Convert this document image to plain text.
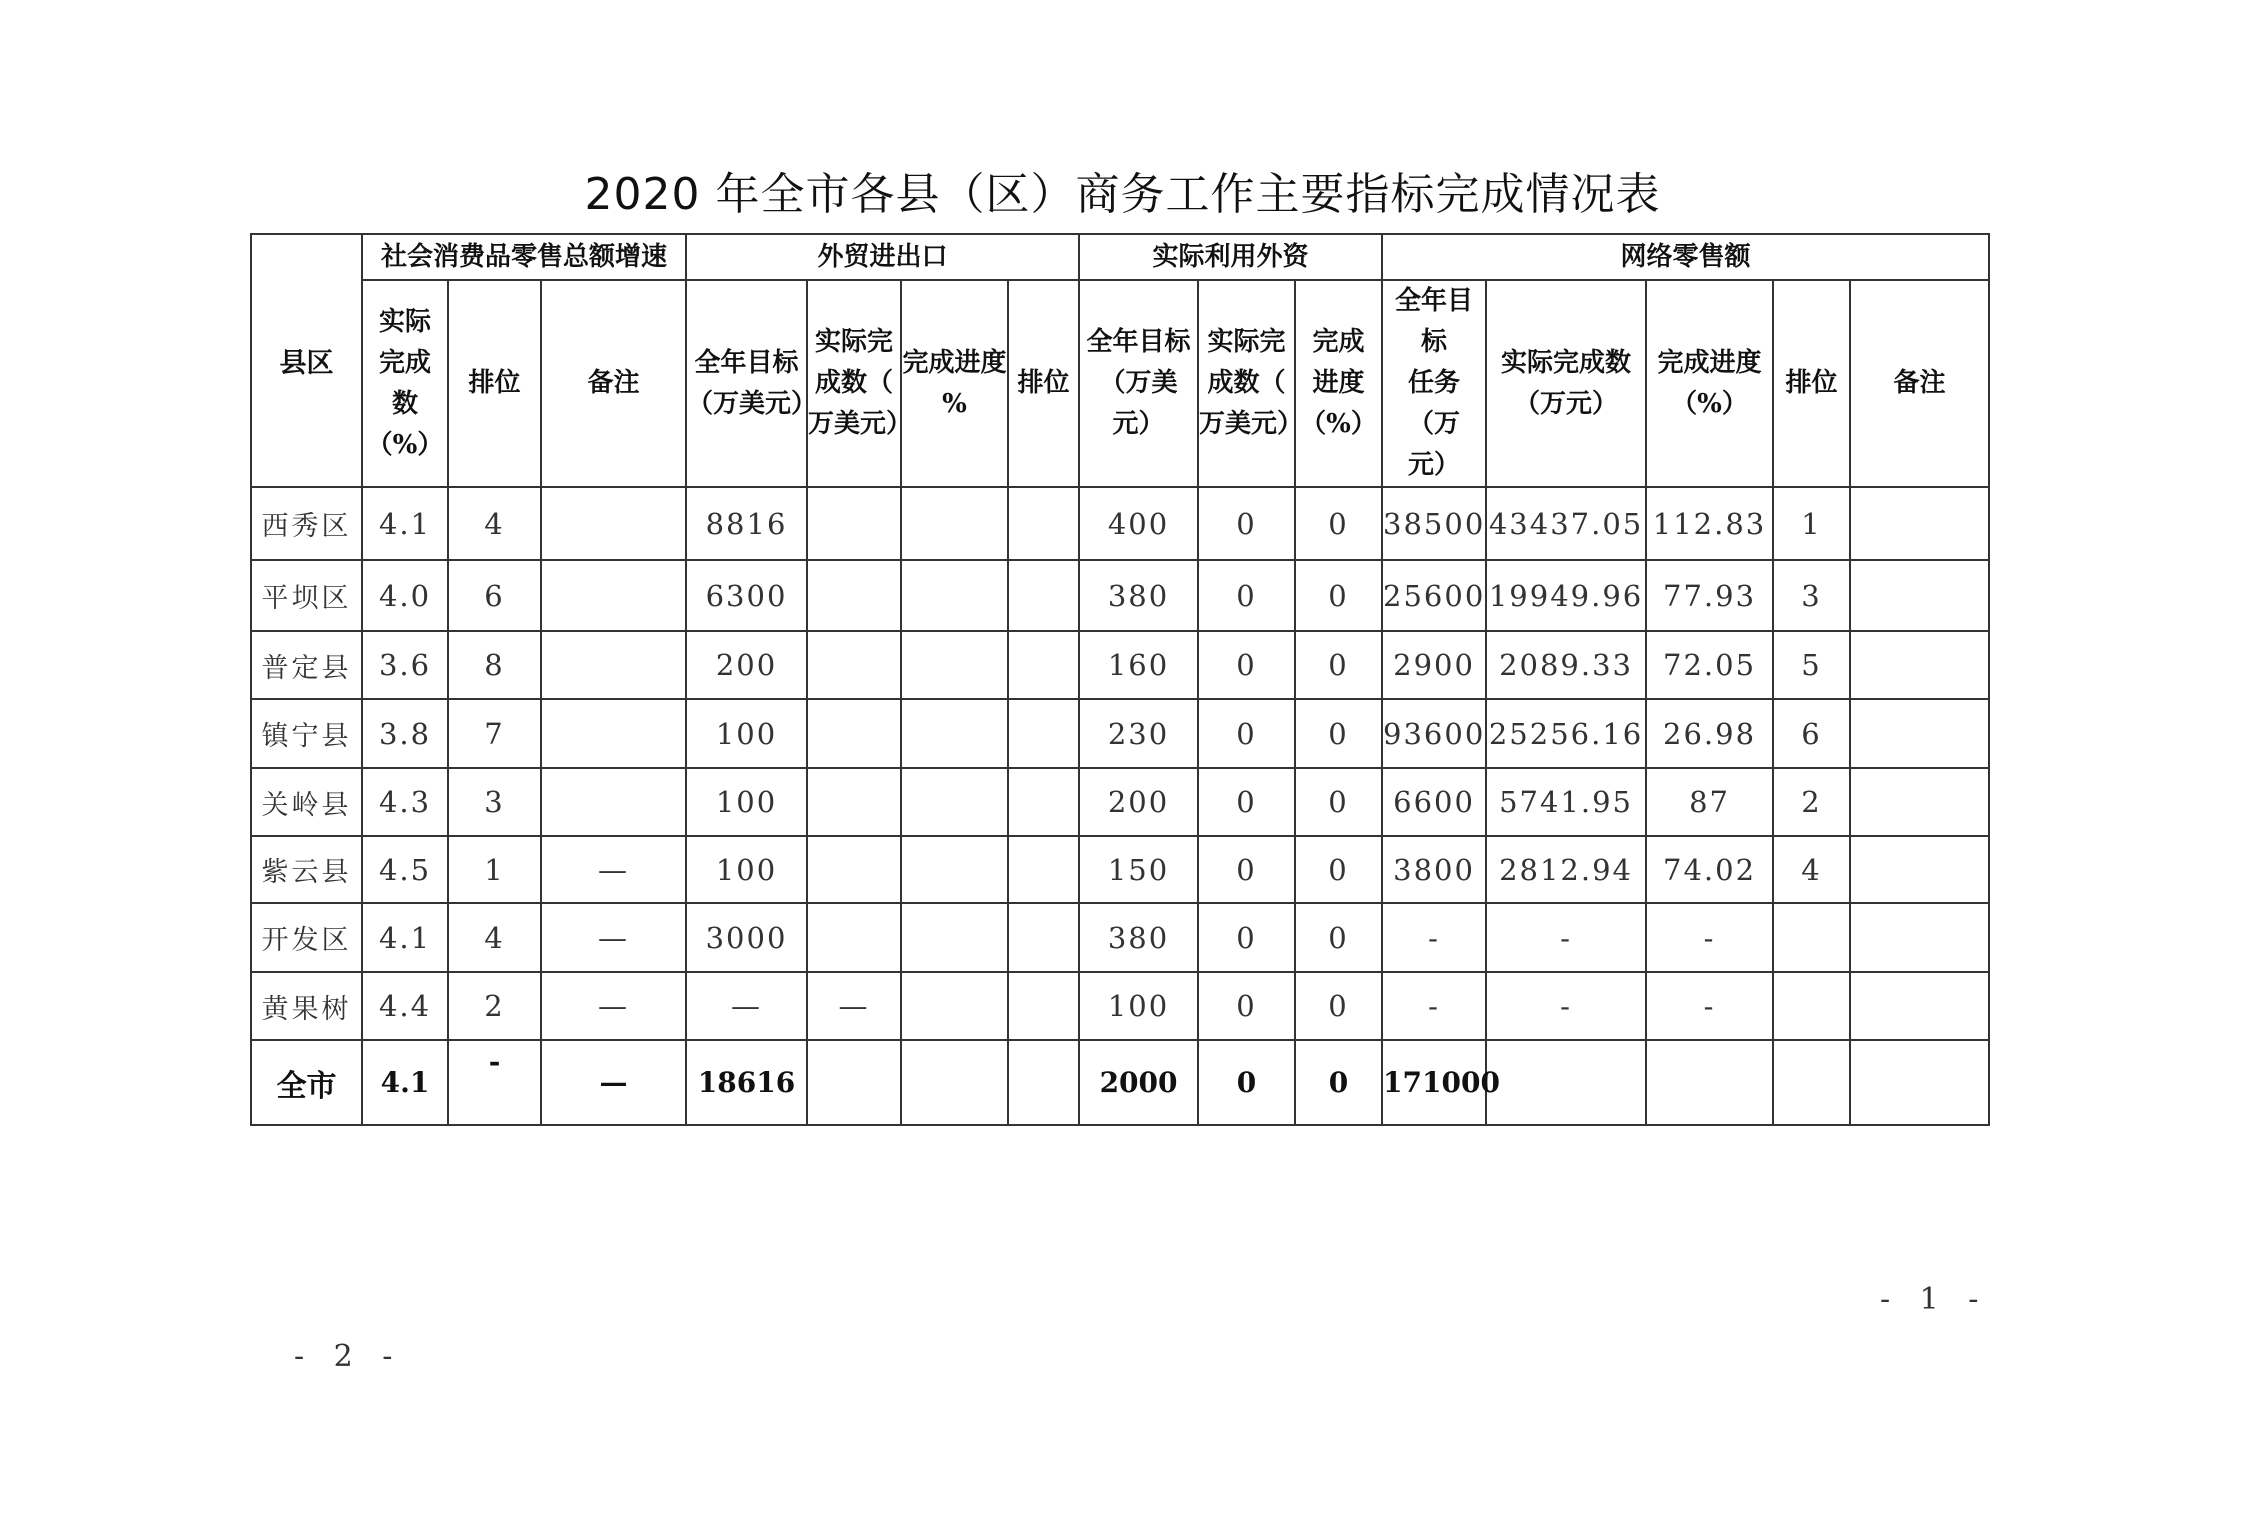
2020 年全市各县（区）商务工作主要指标完成情况表
县区	社会消费品零售总额增速			外贸进出口				实际利用外资			网络零售额				

	实际
完成
数
（%）	排位	备注	全年目标
（万美元）	实际完
成数（
万美元）	完成进度
%	排位	全年目标
（万美元）	实际完
成数（
万美元）	完成
进度
（%）	全年目标
任务（万
元）	实际完成数
（万元）	完成进度
（%）	排位	备注

西秀区	4.1	4		8816				400	0	0	38500	43437.05	112.83	1	
平坝区	4.0	6		6300				380	0	0	25600	19949.96	77.93	3	
普定县	3.6	8		200				160	0	0	2900	2089.33	72.05	5	
镇宁县	3.8	7		100				230	0	0	93600	25256.16	26.98	6	
关岭县	4.3	3		100				200	0	0	6600	5741.95	87	2	
紫云县	4.5	1	—	100				150	0	0	3800	2812.94	74.02	4	
开发区	4.1	4	—	3000				380	0	0	-	-	-		
黄果树	4.4	2	—	—	—			100	0	0	-	-	-		
全市	4.1	-	—	18616				2000	0	0	171000				
- 1 -
- 2 -
